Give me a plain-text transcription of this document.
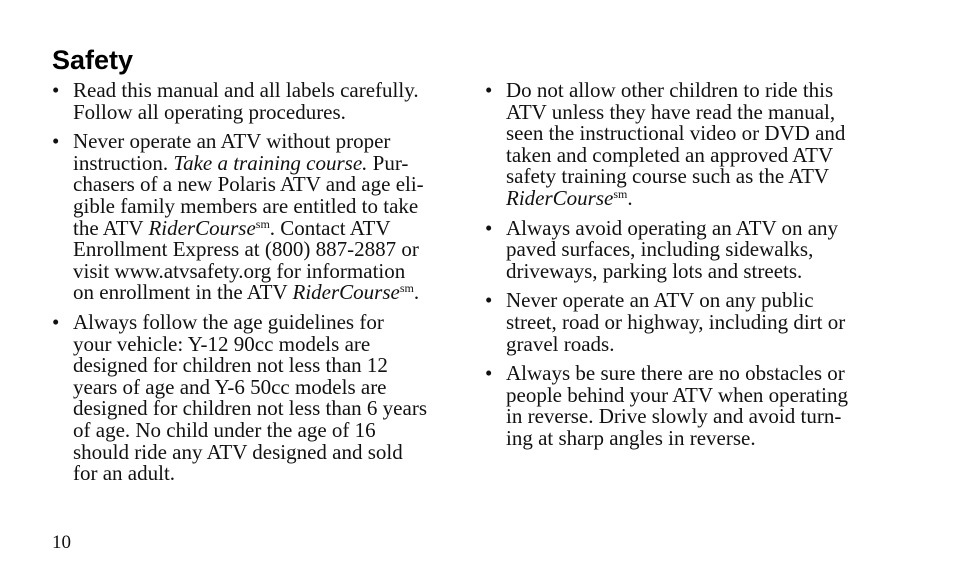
Safety
• Read this manual and all labels carefully.
Follow all operating procedures.
• Never operate an ATV without proper
instruction. Take a training course. Pur-
chasers of a new Polaris ATV and age eli-
gible family members are entitled to take
the ATV RiderCourse$^{sm}$. Contact ATV
Enrollment Express at (800) 887-2887 or
visit www.atvsafety.org for information
on enrollment in the ATV RiderCourse$^{sm}$.
• Always follow the age guidelines for
your vehicle: Y-12 90cc models are
designed for children not less than 12
years of age and Y-6 50cc models are
designed for children not less than 6 years
of age. No child under the age of 16
should ride any ATV designed and sold
for an adult.
• Do not allow other children to ride this
ATV unless they have read the manual,
seen the instructional video or DVD and
taken and completed an approved ATV
safety training course such as the ATV
RiderCourse$^{sm}$.
• Always avoid operating an ATV on any
paved surfaces, including sidewalks,
driveways, parking lots and streets.
• Never operate an ATV on any public
street, road or highway, including dirt or
gravel roads.
• Always be sure there are no obstacles or
people behind your ATV when operating
in reverse. Drive slowly and avoid turn-
ing at sharp angles in reverse.
10
